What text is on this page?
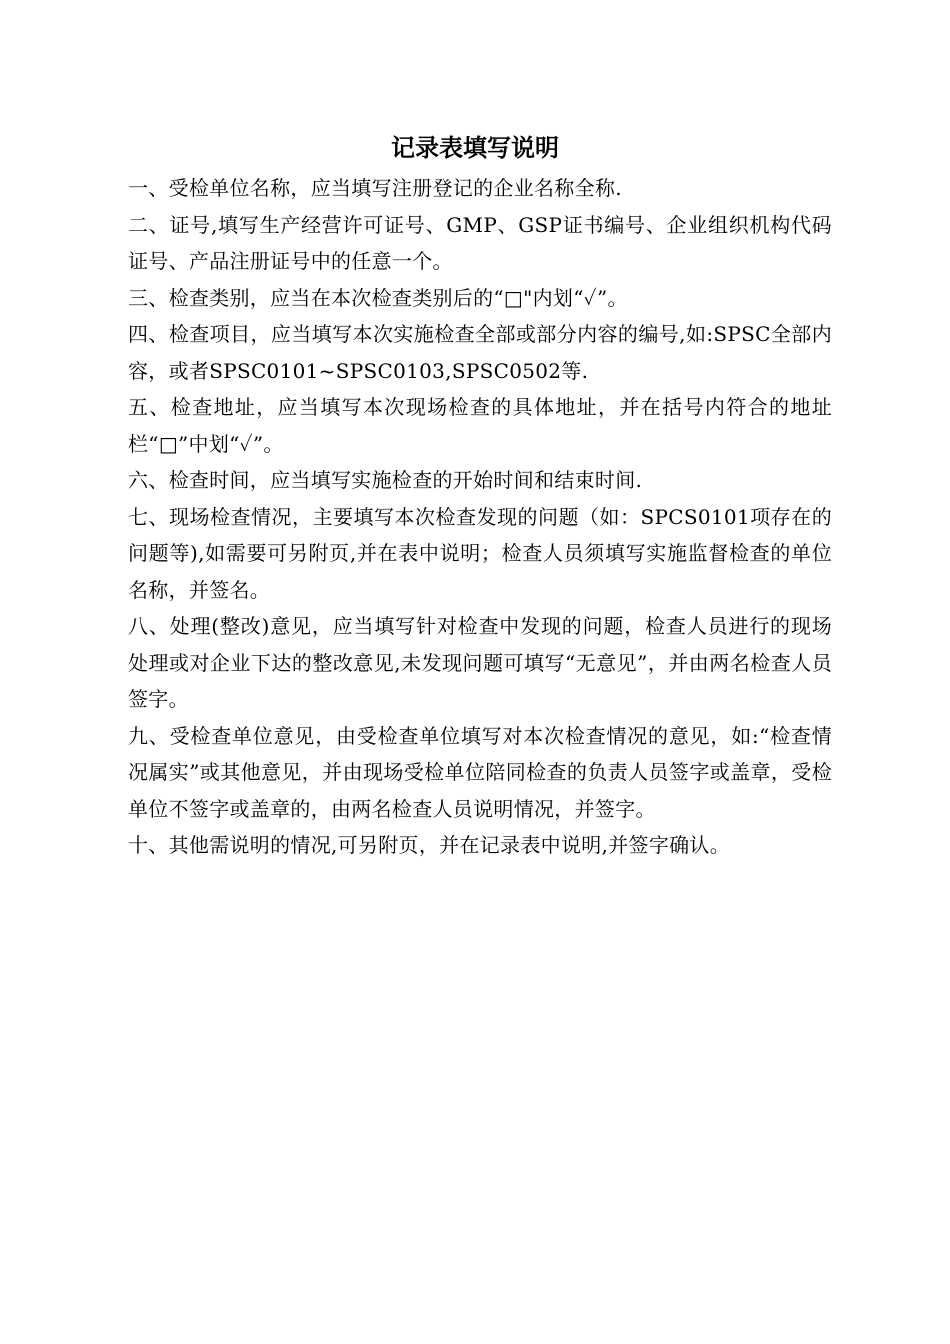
记录表填写说明

一、受检单位名称，应当填写注册登记的企业名称全称.

二、证号,填写生产经营许可证号、GMP、GSP证书编号、企业组织机构代码证号、产品注册证号中的任意一个。

三、检查类别，应当在本次检查类别后的“□"内划“✓”。

四、检查项目，应当填写本次实施检查全部或部分内容的编号,如:SPSC全部内容，或者SPSC0101~SPSC0103,SPSC0502等.

五、检查地址，应当填写本次现场检查的具体地址，并在括号内符合的地址栏“□”中划“✓”。

六、检查时间，应当填写实施检查的开始时间和结束时间.

七、现场检查情况，主要填写本次检查发现的问题（如：SPCS0101项存在的问题等),如需要可另附页,并在表中说明；检查人员须填写实施监督检查的单位名称，并签名。

八、处理(整改)意见，应当填写针对检查中发现的问题，检查人员进行的现场处理或对企业下达的整改意见,未发现问题可填写“无意见”，并由两名检查人员签字。

九、受检查单位意见，由受检查单位填写对本次检查情况的意见，如:“检查情况属实”或其他意见，并由现场受检单位陪同检查的负责人员签字或盖章，受检单位不签字或盖章的，由两名检查人员说明情况，并签字。

十、其他需说明的情况,可另附页，并在记录表中说明,并签字确认。
